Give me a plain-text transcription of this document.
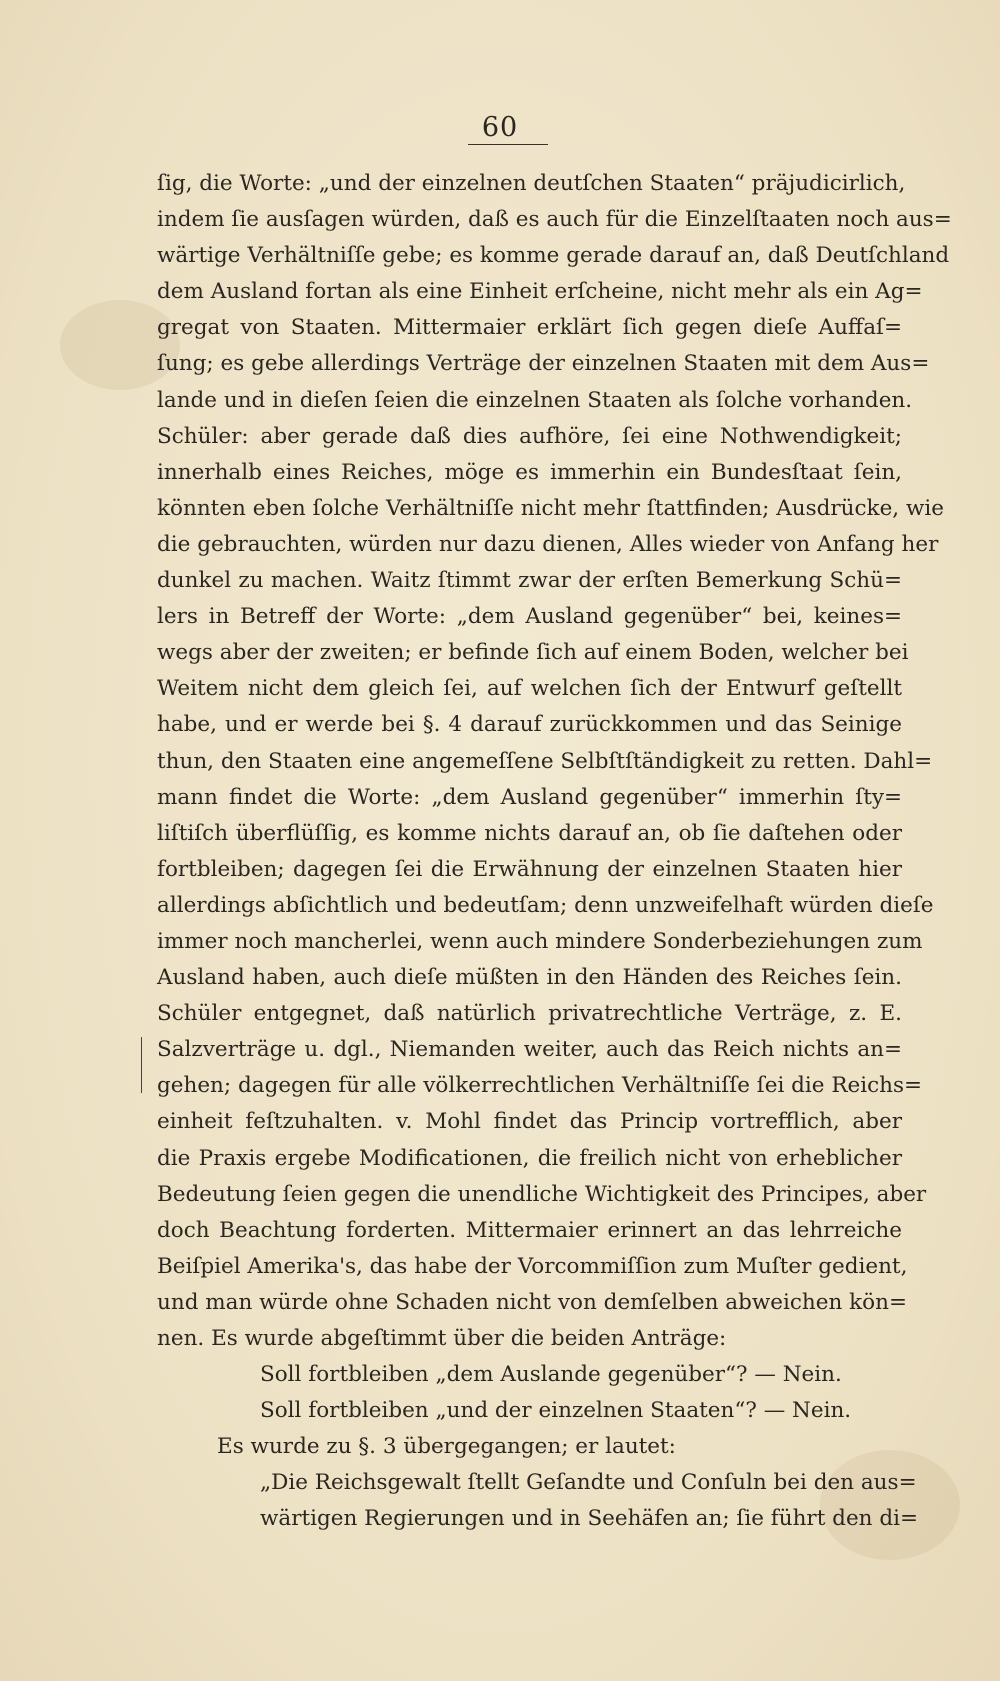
60
ſig, die Worte: „und der einzelnen deutſchen Staaten“ präjudicirlich,
indem ſie ausſagen würden, daß es auch für die Einzelſtaaten noch aus=
wärtige Verhältniſſe gebe; es komme gerade darauf an, daß Deutſchland
dem Ausland fortan als eine Einheit erſcheine, nicht mehr als ein Ag=
gregat von Staaten. Mittermaier erklärt ſich gegen dieſe Auffaſ=
ſung; es gebe allerdings Verträge der einzelnen Staaten mit dem Aus=
lande und in dieſen ſeien die einzelnen Staaten als ſolche vorhanden.
Schüler: aber gerade daß dies aufhöre, ſei eine Nothwendigkeit;
innerhalb eines Reiches, möge es immerhin ein Bundesſtaat ſein,
könnten eben ſolche Verhältniſſe nicht mehr ſtattfinden; Ausdrücke, wie
die gebrauchten, würden nur dazu dienen, Alles wieder von Anfang her
dunkel zu machen. Waitz ſtimmt zwar der erſten Bemerkung Schü=
lers in Betreff der Worte: „dem Ausland gegenüber“ bei, keines=
wegs aber der zweiten; er befinde ſich auf einem Boden, welcher bei
Weitem nicht dem gleich ſei, auf welchen ſich der Entwurf geſtellt
habe, und er werde bei §. 4 darauf zurückkommen und das Seinige
thun, den Staaten eine angemeſſene Selbſtſtändigkeit zu retten. Dahl=
mann findet die Worte: „dem Ausland gegenüber“ immerhin ſty=
liſtiſch überflüſſig, es komme nichts darauf an, ob ſie daſtehen oder
fortbleiben; dagegen ſei die Erwähnung der einzelnen Staaten hier
allerdings abſichtlich und bedeutſam; denn unzweifelhaft würden dieſe
immer noch mancherlei, wenn auch mindere Sonderbeziehungen zum
Ausland haben, auch dieſe müßten in den Händen des Reiches ſein.
Schüler entgegnet, daß natürlich privatrechtliche Verträge, z. E.
Salzverträge u. dgl., Niemanden weiter, auch das Reich nichts an=
gehen; dagegen für alle völkerrechtlichen Verhältniſſe ſei die Reichs=
einheit feſtzuhalten. v. Mohl findet das Princip vortrefflich, aber
die Praxis ergebe Modificationen, die freilich nicht von erheblicher
Bedeutung ſeien gegen die unendliche Wichtigkeit des Principes, aber
doch Beachtung forderten. Mittermaier erinnert an das lehrreiche
Beiſpiel Amerika's, das habe der Vorcommiſſion zum Muſter gedient,
und man würde ohne Schaden nicht von demſelben abweichen kön=
nen. Es wurde abgeſtimmt über die beiden Anträge:
Soll fortbleiben „dem Auslande gegenüber“? — Nein.
Soll fortbleiben „und der einzelnen Staaten“? — Nein.
Es wurde zu §. 3 übergegangen; er lautet:
„Die Reichsgewalt ſtellt Geſandte und Conſuln bei den aus=
wärtigen Regierungen und in Seehäfen an; ſie führt den di=
